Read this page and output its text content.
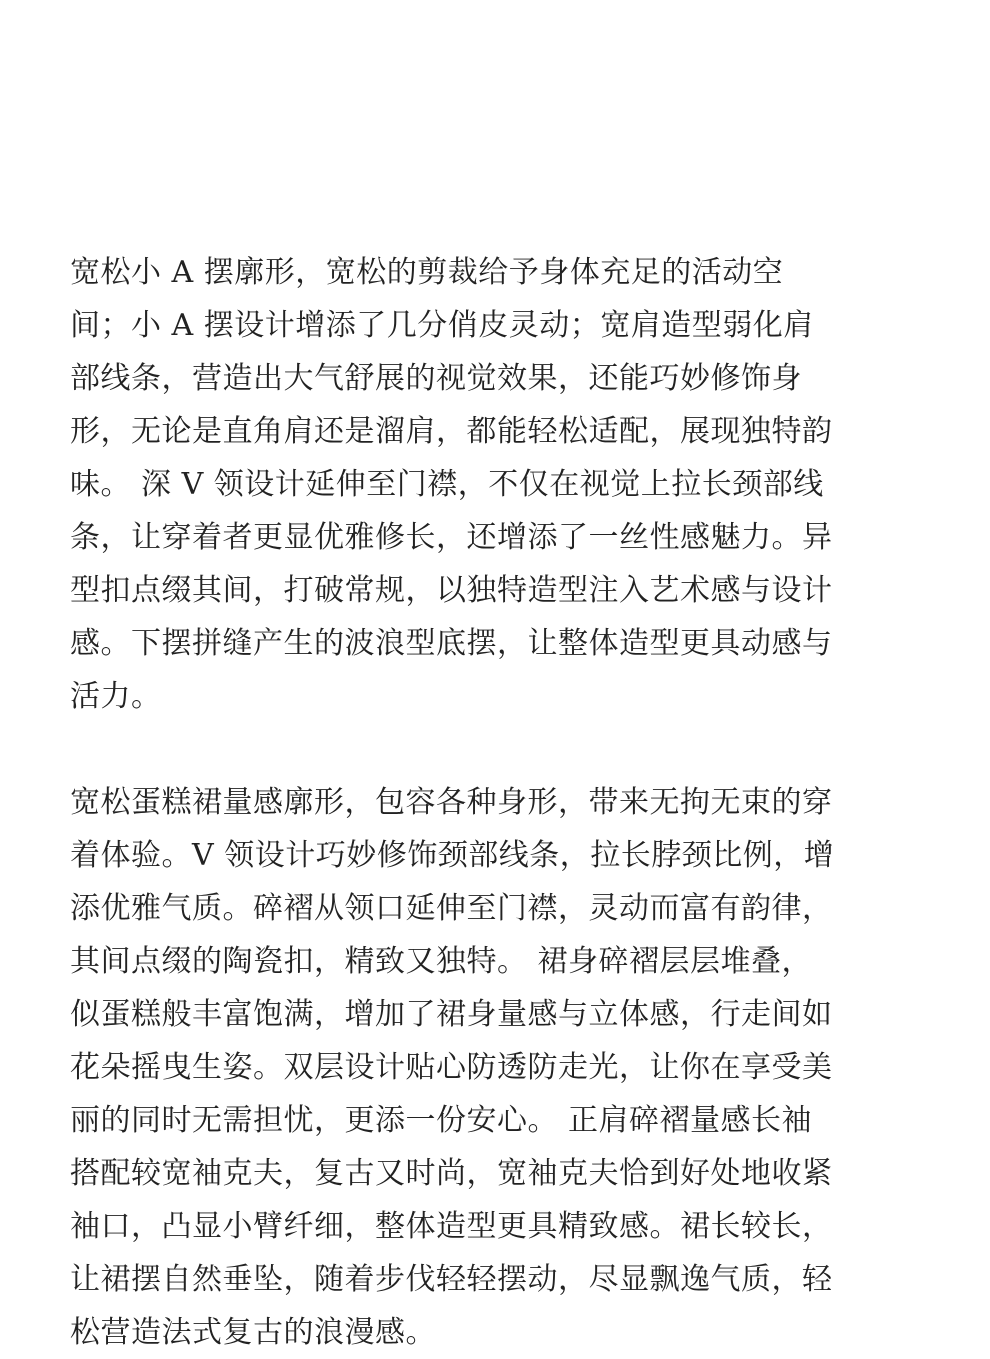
宽松小 A 摆廓形，宽松的剪裁给予身体充足的活动空
间；小 A 摆设计增添了几分俏皮灵动；宽肩造型弱化肩
部线条，营造出大气舒展的视觉效果，还能巧妙修饰身
形，无论是直角肩还是溜肩，都能轻松适配，展现独特韵
味。 深 V 领设计延伸至门襟，不仅在视觉上拉长颈部线
条，让穿着者更显优雅修长，还增添了一丝性感魅力。异
型扣点缀其间，打破常规，以独特造型注入艺术感与设计
感。下摆拼缝产生的波浪型底摆，让整体造型更具动感与
活力。
宽松蛋糕裙量感廓形，包容各种身形，带来无拘无束的穿
着体验。V 领设计巧妙修饰颈部线条，拉长脖颈比例，增
添优雅气质。碎褶从领口延伸至门襟，灵动而富有韵律，
其间点缀的陶瓷扣，精致又独特。 裙身碎褶层层堆叠，
似蛋糕般丰富饱满，增加了裙身量感与立体感，行走间如
花朵摇曳生姿。双层设计贴心防透防走光，让你在享受美
丽的同时无需担忧，更添一份安心。 正肩碎褶量感长袖
搭配较宽袖克夫，复古又时尚，宽袖克夫恰到好处地收紧
袖口，凸显小臂纤细，整体造型更具精致感。裙长较长，
让裙摆自然垂坠，随着步伐轻轻摆动，尽显飘逸气质，轻
松营造法式复古的浪漫感。
